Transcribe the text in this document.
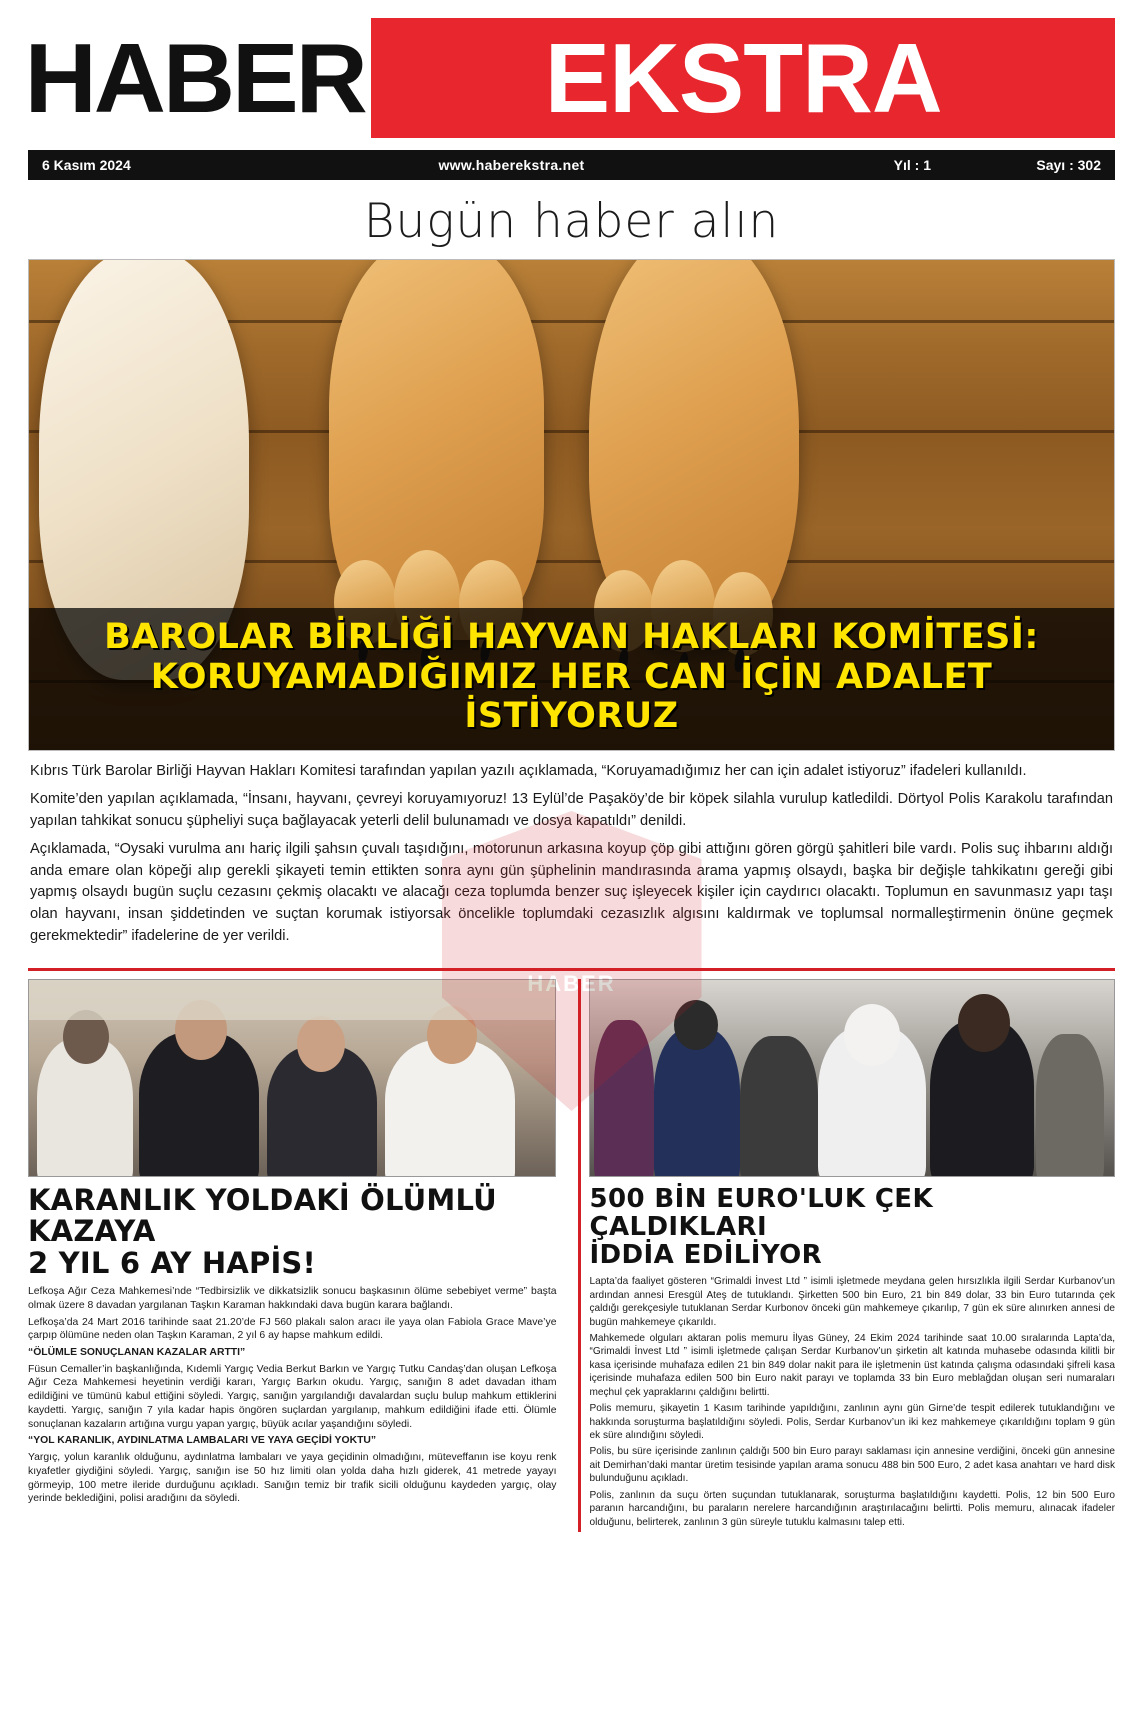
HABER EKSTRA
6 Kasım 2024	www.haberekstra.net	Yıl : 1	Sayı : 302
Bugün haber alın
BAROLAR BİRLİĞİ HAYVAN HAKLARI KOMİTESİ:
KORUYAMADIĞIMIZ HER CAN İÇİN ADALET İSTİYORUZ
HABER

Kıbrıs Türk Barolar Birliği Hayvan Hakları Komitesi tarafından yapılan yazılı açıklamada, “Koruyamadığımız her can için adalet istiyoruz” ifadeleri kullanıldı.

Komite’den yapılan açıklamada, “İnsanı, hayvanı, çevreyi koruyamıyoruz! 13 Eylül’de Paşaköy’de bir köpek silahla vurulup katledildi. Dörtyol Polis Karakolu tarafından yapılan tahkikat sonucu şüpheliyi suça bağlayacak yeterli delil bulunamadı ve dosya kapatıldı” denildi.

Açıklamada, “Oysaki vurulma anı hariç ilgili şahsın çuvalı taşıdığını, motorunun arkasına koyup çöp gibi attığını gören görgü şahitleri bile vardı. Polis suç ihbarını aldığı anda emare olan köpeği alıp gerekli şikayeti temin ettikten sonra aynı gün şüphelinin mandırasında arama yapmış olsaydı, başka bir değişle tahkikatını gereği gibi yapmış olsaydı bugün suçlu cezasını çekmiş olacaktı ve alacağı ceza toplumda benzer suç işleyecek kişiler için caydırıcı olacaktı. Toplumun en savunmasız yapı taşı olan hayvanı, insan şiddetinden ve suçtan korumak istiyorsak öncelikle toplumdaki cezasızlık algısını kaldırmak ve toplumsal normalleştirmenin önüne geçmek gerekmektedir” ifadelerine de yer verildi.

KARANLIK YOLDAKİ ÖLÜMLÜ KAZAYA
2 YIL 6 AY HAPİS!

Lefkoşa Ağır Ceza Mahkemesi’nde “Tedbirsizlik ve dikkatsizlik sonucu başkasının ölüme sebebiyet verme” başta olmak üzere 8 davadan yargılanan Taşkın Karaman hakkındaki dava bugün karara bağlandı.

Lefkoşa’da 24 Mart 2016 tarihinde saat 21.20’de FJ 560 plakalı salon aracı ile yaya olan Fabiola Grace Mave’ye çarpıp ölümüne neden olan Taşkın Karaman, 2 yıl 6 ay hapse mahkum edildi.

“ÖLÜMLE SONUÇLANAN KAZALAR ARTTI”

Füsun Cemaller’in başkanlığında, Kıdemli Yargıç Vedia Berkut Barkın ve Yargıç Tutku Candaş’dan oluşan Lefkoşa Ağır Ceza Mahkemesi heyetinin verdiği kararı, Yargıç Barkın okudu. Yargıç, sanığın 8 adet davadan itham edildiğini ve tümünü kabul ettiğini söyledi. Yargıç, sanığın yargılandığı davalardan suçlu bulup mahkum ettiklerini kaydetti. Yargıç, sanığın 7 yıla kadar hapis öngören suçlardan yargılanıp, mahkum edildiğini ifade etti. Ölümle sonuçlanan kazaların artığına vurgu yapan yargıç, büyük acılar yaşandığını söyledi.

“YOL KARANLIK, AYDINLATMA LAMBALARI VE YAYA GEÇİDİ YOKTU”

Yargıç, yolun karanlık olduğunu, aydınlatma lambaları ve yaya geçidinin olmadığını, müteveffanın ise koyu renk kıyafetler giydiğini söyledi. Yargıç, sanığın ise 50 hız limiti olan yolda daha hızlı giderek, 41 metrede yayayı görmeyip, 100 metre ileride durduğunu açıkladı. Sanığın temiz bir trafik sicili olduğunu kaydeden yargıç, olay yerinde beklediğini, polisi aradığını da söyledi.

500 BİN EURO'LUK ÇEK ÇALDIKLARI
İDDİA EDİLİYOR

Lapta’da faaliyet gösteren “Grimaldi İnvest Ltd ” isimli işletmede meydana gelen hırsızlıkla ilgili Serdar Kurbanov’un ardından annesi Eresgül Ateş de tutuklandı. Şirketten 500 bin Euro, 21 bin 849 dolar, 33 bin Euro tutarında çek çaldığı gerekçesiyle tutuklanan Serdar Kurbonov önceki gün mahkemeye çıkarılıp, 7 gün ek süre alınırken annesi de bugün mahkemeye çıkarıldı.

Mahkemede olguları aktaran polis memuru İlyas Güney, 24 Ekim 2024 tarihinde saat 10.00 sıralarında Lapta’da, “Grimaldi İnvest Ltd ” isimli işletmede çalışan Serdar Kurbanov’un şirketin alt katında muhasebe odasında kilitli bir kasa içerisinde muhafaza edilen 21 bin 849 dolar nakit para ile işletmenin üst katında çalışma odasındaki şifreli kasa içerisinde muhafaza edilen 500 bin Euro nakit parayı ve toplamda 33 bin Euro meblağdan oluşan seri numaraları meçhul çek yapraklarını çaldığını belirtti.

Polis memuru, şikayetin 1 Kasım tarihinde yapıldığını, zanlının aynı gün Girne’de tespit edilerek tutuklandığını ve hakkında soruşturma başlatıldığını söyledi. Polis, Serdar Kurbanov’un iki kez mahkemeye çıkarıldığını toplam 9 gün ek süre alındığını söyledi.

Polis, bu süre içerisinde zanlının çaldığı 500 bin Euro parayı saklaması için annesine verdiğini, önceki gün annesine ait Demirhan’daki mantar üretim tesisinde yapılan arama sonucu 488 bin 500 Euro, 2 adet kasa anahtarı ve hard disk bulunduğunu açıkladı.

Polis, zanlının da suçu örten suçundan tutuklanarak, soruşturma başlatıldığını kaydetti. Polis, 12 bin 500 Euro paranın harcandığını, bu paraların nerelere harcandığının araştırılacağını belirtti. Polis memuru, alınacak ifadeler olduğunu, belirterek, zanlının 3 gün süreyle tutuklu kalmasını talep etti.
